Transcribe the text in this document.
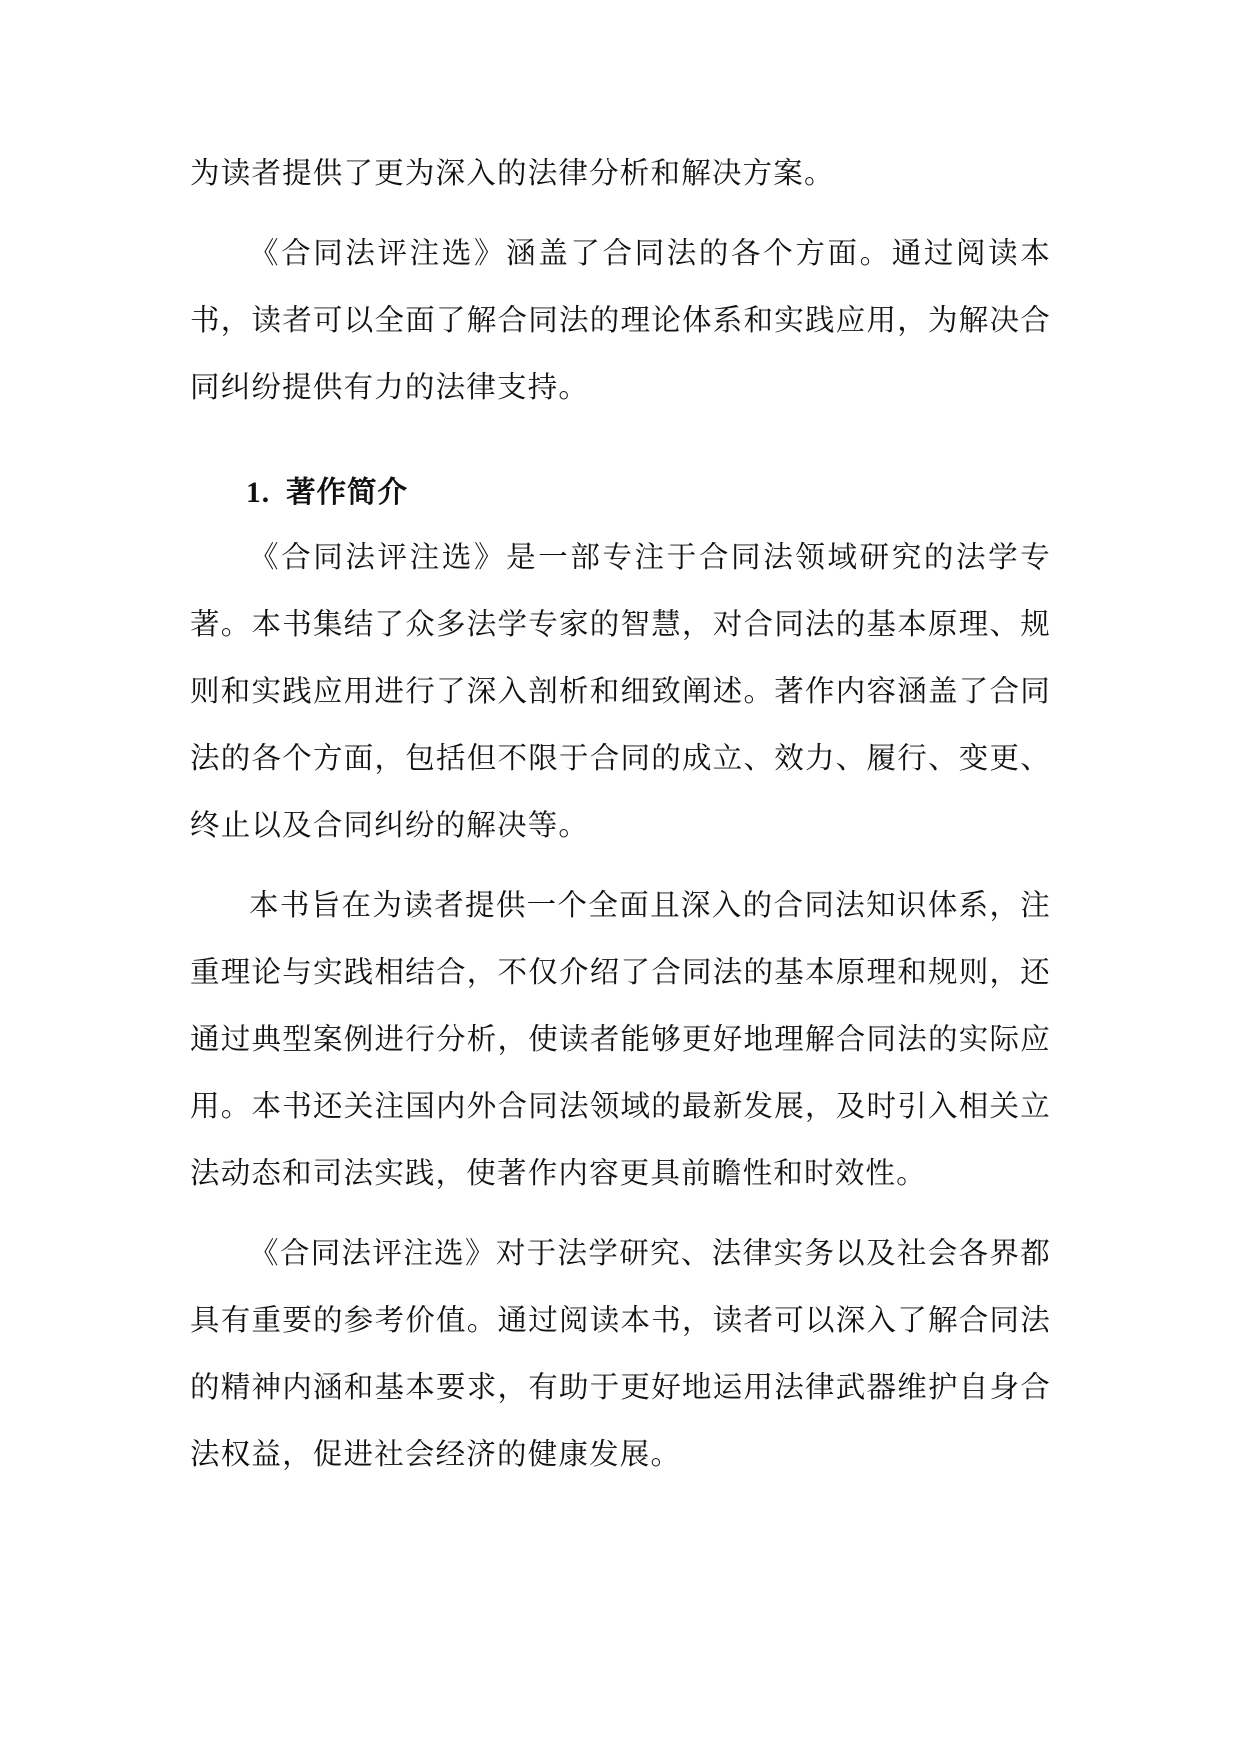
为读者提供了更为深入的法律分析和解决方案。

《合同法评注选》涵盖了合同法的各个方面。通过阅读本书，读者可以全面了解合同法的理论体系和实践应用，为解决合同纠纷提供有力的法律支持。

1. 著作简介

《合同法评注选》是一部专注于合同法领域研究的法学专著。本书集结了众多法学专家的智慧，对合同法的基本原理、规则和实践应用进行了深入剖析和细致阐述。著作内容涵盖了合同法的各个方面，包括但不限于合同的成立、效力、履行、变更、终止以及合同纠纷的解决等。

本书旨在为读者提供一个全面且深入的合同法知识体系，注重理论与实践相结合，不仅介绍了合同法的基本原理和规则，还通过典型案例进行分析，使读者能够更好地理解合同法的实际应用。本书还关注国内外合同法领域的最新发展，及时引入相关立法动态和司法实践，使著作内容更具前瞻性和时效性。

《合同法评注选》对于法学研究、法律实务以及社会各界都具有重要的参考价值。通过阅读本书，读者可以深入了解合同法的精神内涵和基本要求，有助于更好地运用法律武器维护自身合法权益，促进社会经济的健康发展。
